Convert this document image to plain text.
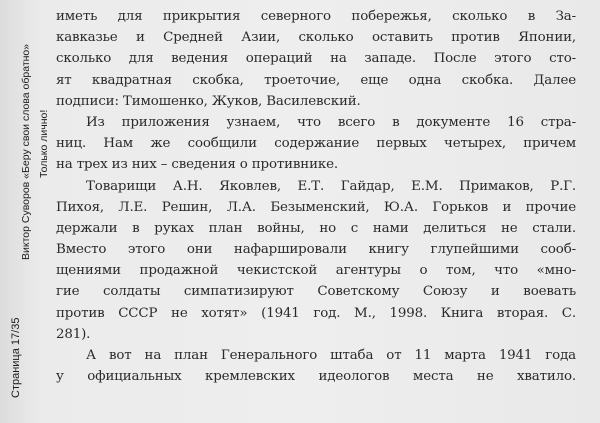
Страница 17/35
Виктор Суворов «Беру свои слова обратно» Только лично!
иметь для прикрытия северного побережья, сколько в За-
кавказье и Средней Азии, сколько оставить против Японии,
сколько для ведения операций на западе. После этого сто-
ят квадратная скобка, троеточие, еще одна скобка. Далее
подписи: Тимошенко, Жуков, Василевский.
Из приложения узнаем, что всего в документе 16 стра-
ниц. Нам же сообщили содержание первых четырех, причем
на трех из них – сведения о противнике.
Товарищи А.Н. Яковлев, Е.Т. Гайдар, Е.М. Примаков, Р.Г.
Пихоя, Л.Е. Решин, Л.А. Безыменский, Ю.А. Горьков и прочие
держали в руках план войны, но с нами делиться не стали.
Вместо этого они нафаршировали книгу глупейшими сооб-
щениями продажной чекистской агентуры о том, что «мно-
гие солдаты симпатизируют Советскому Союзу и воевать
против СССР не хотят» (1941 год. М., 1998. Книга вторая. С.
281).
А вот на план Генерального штаба от 11 марта 1941 года
у официальных кремлевских идеологов места не хватило.
